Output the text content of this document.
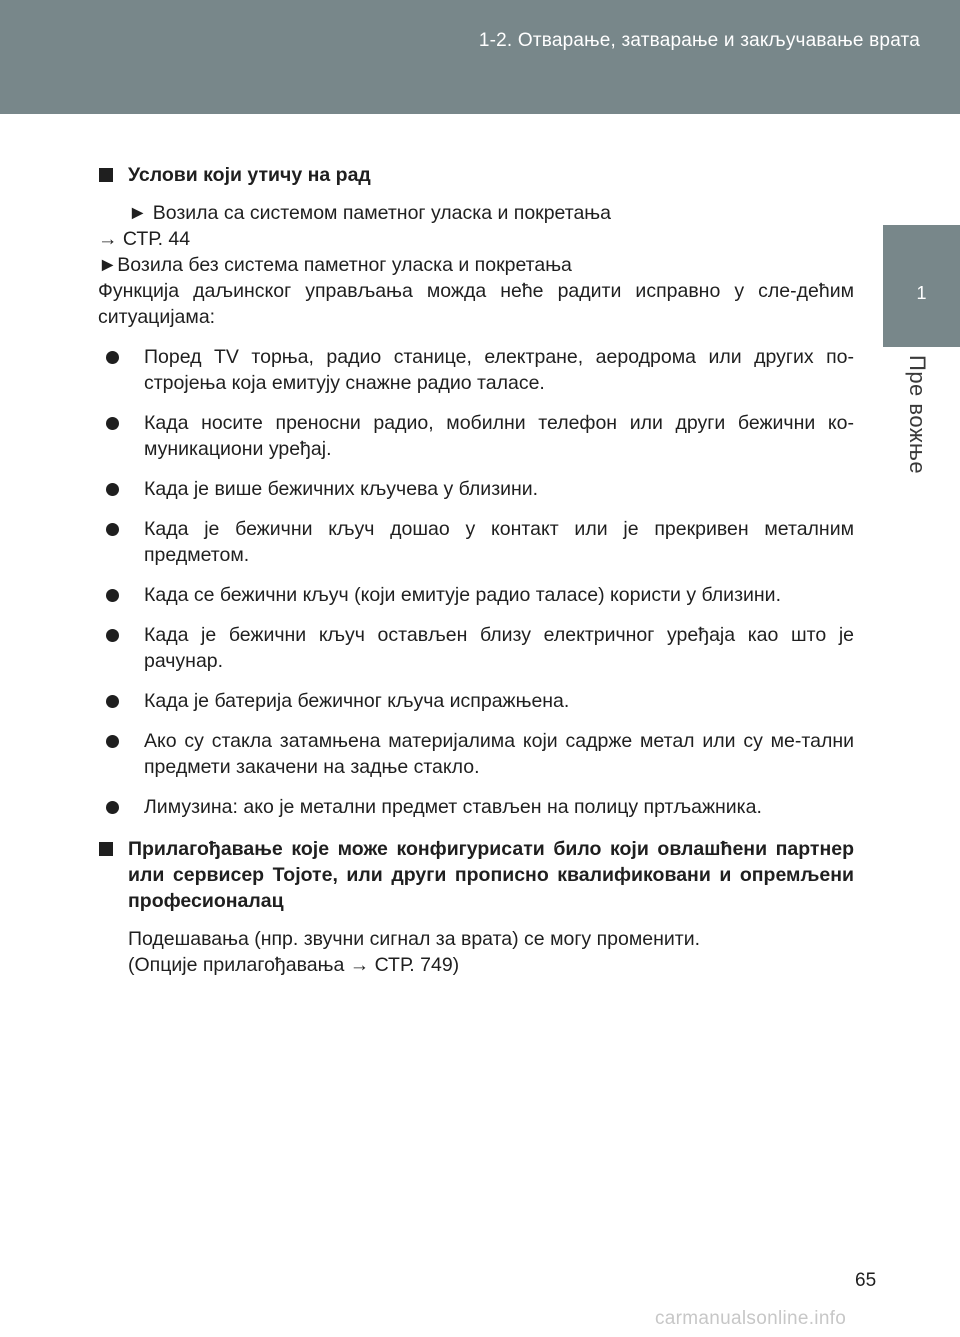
1-2. Отварање, затварање и закључавање врата
1
Пре вожње
Услови који утичу на рад
► Возила са системом паметног уласка и покретања
→ СТР. 44
►Возила без система паметног уласка и покретања
Функција даљинског управљања можда неће радити исправно у сле-дећим ситуацијама:
Поред TV торња, радио станице, електране, аеродрома или других по-стројења која емитују снажне радио таласе.
Када носите преносни радио, мобилни телефон или други бежични ко-муникациони уређај.
Када је више бежичних кључева у близини.
Када је бежични кључ дошао у контакт или је прекривен металним предметом.
Када се бежични кључ (који емитује радио таласе) користи у близини.
Када је бежични кључ остављен близу електричног уређаја као што је рачунар.
Када је батерија бежичног кључа испражњена.
Ако су стакла затамњена материјалима који садрже метал или су ме-тални предмети закачени на задње стакло.
Лимузина: ако је метални предмет стављен на полицу пртљажника.
Прилагођавање које може конфигурисати било који овлашћени партнер или сервисер Тојоте, или други прописно квалификовани и опремљени професионалац
Подешавања (нпр. звучни сигнал за врата) се могу променити.
(Опције прилагођавања → СТР. 749)
65
carmanualsonline.info
